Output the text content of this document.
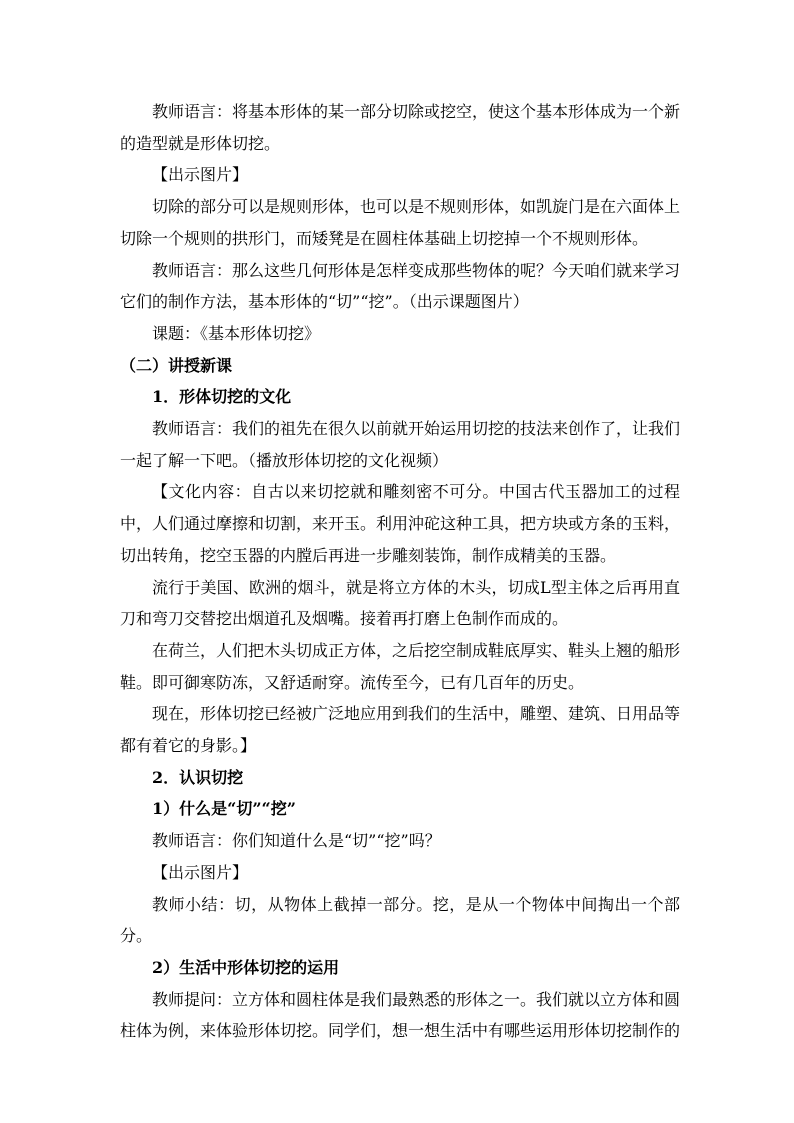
教师语言：将基本形体的某一部分切除或挖空，使这个基本形体成为一个新的造型就是形体切挖。

【出示图片】

切除的部分可以是规则形体，也可以是不规则形体，如凯旋门是在六面体上切除一个规则的拱形门，而矮凳是在圆柱体基础上切挖掉一个不规则形体。

教师语言：那么这些几何形体是怎样变成那些物体的呢？今天咱们就来学习它们的制作方法，基本形体的“切”“挖”。（出示课题图片）

课题：《基本形体切挖》

（二）讲授新课

1．形体切挖的文化

教师语言：我们的祖先在很久以前就开始运用切挖的技法来创作了，让我们一起了解一下吧。（播放形体切挖的文化视频）

【文化内容：自古以来切挖就和雕刻密不可分。中国古代玉器加工的过程中，人们通过摩擦和切割，来开玉。利用沖砣这种工具，把方块或方条的玉料，切出转角，挖空玉器的内膛后再进一步雕刻装饰，制作成精美的玉器。

流行于美国、欧洲的烟斗，就是将立方体的木头，切成L型主体之后再用直刀和弯刀交替挖出烟道孔及烟嘴。接着再打磨上色制作而成的。

在荷兰，人们把木头切成正方体，之后挖空制成鞋底厚实、鞋头上翘的船形鞋。即可御寒防冻，又舒适耐穿。流传至今，已有几百年的历史。

现在，形体切挖已经被广泛地应用到我们的生活中，雕塑、建筑、日用品等都有着它的身影。】

2．认识切挖

1）什么是“切”“挖”

教师语言：你们知道什么是“切”“挖”吗？

【出示图片】

教师小结：切，从物体上截掉一部分。挖，是从一个物体中间掏出一个部分。

2）生活中形体切挖的运用

教师提问：立方体和圆柱体是我们最熟悉的形体之一。我们就以立方体和圆柱体为例，来体验形体切挖。同学们，想一想生活中有哪些运用形体切挖制作的
